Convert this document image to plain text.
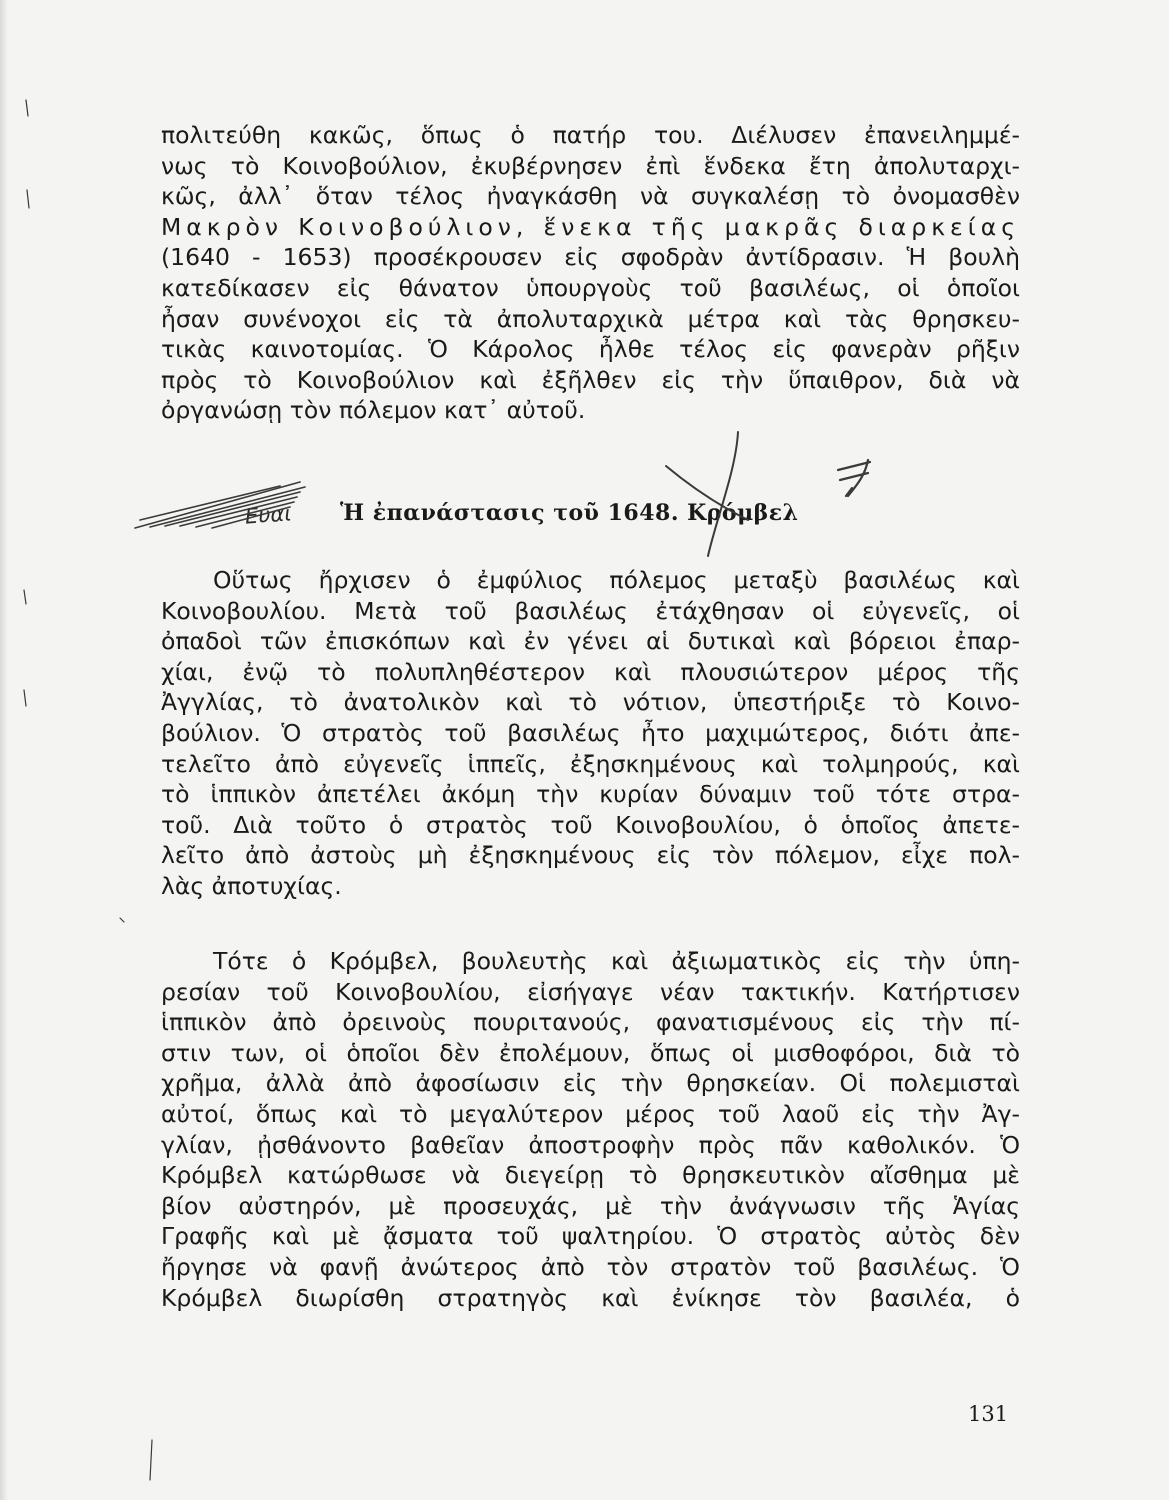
πολιτεύθη κακῶς, ὅπως ὁ πατήρ του. Διέλυσεν ἐπανειλημμέ-
νως τὸ Κοινοβούλιον, ἐκυβέρνησεν ἐπὶ ἕνδεκα ἔτη ἀπολυταρχι-
κῶς, ἀλλ᾿ ὅταν τέλος ἠναγκάσθη νὰ συγκαλέσῃ τὸ ὀνομασθὲν
Μακρὸν Κοινοβούλιον, ἕνεκα τῆς μακρᾶς διαρκείας
(1640 - 1653) προσέκρουσεν εἰς σφοδρὰν ἀντίδρασιν. Ἡ βουλὴ
κατεδίκασεν εἰς θάνατον ὑπουργοὺς τοῦ βασιλέως, οἱ ὁποῖοι
ἦσαν συνένοχοι εἰς τὰ ἀπολυταρχικὰ μέτρα καὶ τὰς θρησκευ-
τικὰς καινοτομίας. Ὁ Κάρολος ἦλθε τέλος εἰς φανερὰν ρῆξιν
πρὸς τὸ Κοινοβούλιον καὶ ἐξῆλθεν εἰς τὴν ὕπαιθρον, διὰ νὰ
ὀργανώσῃ τὸν πόλεμον κατ᾿ αὐτοῦ.
Ευαι Ἡ ἐπανάστασις τοῦ 1648. Κρόμβελ
Οὕτως ἤρχισεν ὁ ἐμφύλιος πόλεμος μεταξὺ βασιλέως καὶ
Κοινοβουλίου. Μετὰ τοῦ βασιλέως ἐτάχθησαν οἱ εὐγενεῖς, οἱ
ὀπαδοὶ τῶν ἐπισκόπων καὶ ἐν γένει αἱ δυτικαὶ καὶ βόρειοι ἐπαρ-
χίαι, ἐνῷ τὸ πολυπληθέστερον καὶ πλουσιώτερον μέρος τῆς
Ἀγγλίας, τὸ ἀνατολικὸν καὶ τὸ νότιον, ὑπεστήριξε τὸ Κοινο-
βούλιον. Ὁ στρατὸς τοῦ βασιλέως ἦτο μαχιμώτερος, διότι ἀπε-
τελεῖτο ἀπὸ εὐγενεῖς ἱππεῖς, ἐξησκημένους καὶ τολμηρούς, καὶ
τὸ ἱππικὸν ἀπετέλει ἀκόμη τὴν κυρίαν δύναμιν τοῦ τότε στρα-
τοῦ. Διὰ τοῦτο ὁ στρατὸς τοῦ Κοινοβουλίου, ὁ ὁποῖος ἀπετε-
λεῖτο ἀπὸ ἀστοὺς μὴ ἐξησκημένους εἰς τὸν πόλεμον, εἶχε πολ-
λὰς ἀποτυχίας.
Τότε ὁ Κρόμβελ, βουλευτὴς καὶ ἀξιωματικὸς εἰς τὴν ὑπη-
ρεσίαν τοῦ Κοινοβουλίου, εἰσήγαγε νέαν τακτικήν. Κατήρτισεν
ἱππικὸν ἀπὸ ὀρεινοὺς πουριτανούς, φανατισμένους εἰς τὴν πί-
στιν των, οἱ ὁποῖοι δὲν ἐπολέμουν, ὅπως οἱ μισθοφόροι, διὰ τὸ
χρῆμα, ἀλλὰ ἀπὸ ἀφοσίωσιν εἰς τὴν θρησκείαν. Οἱ πολεμισταὶ
αὐτοί, ὅπως καὶ τὸ μεγαλύτερον μέρος τοῦ λαοῦ εἰς τὴν Ἀγ-
γλίαν, ᾐσθάνοντο βαθεῖαν ἀποστροφὴν πρὸς πᾶν καθολικόν. Ὁ
Κρόμβελ κατώρθωσε νὰ διεγείρῃ τὸ θρησκευτικὸν αἴσθημα μὲ
βίον αὐστηρόν, μὲ προσευχάς, μὲ τὴν ἀνάγνωσιν τῆς Ἁγίας
Γραφῆς καὶ μὲ ᾄσματα τοῦ ψαλτηρίου. Ὁ στρατὸς αὐτὸς δὲν
ἤργησε νὰ φανῇ ἀνώτερος ἀπὸ τὸν στρατὸν τοῦ βασιλέως. Ὁ
Κρόμβελ διωρίσθη στρατηγὸς καὶ ἐνίκησε τὸν βασιλέα, ὁ
131
